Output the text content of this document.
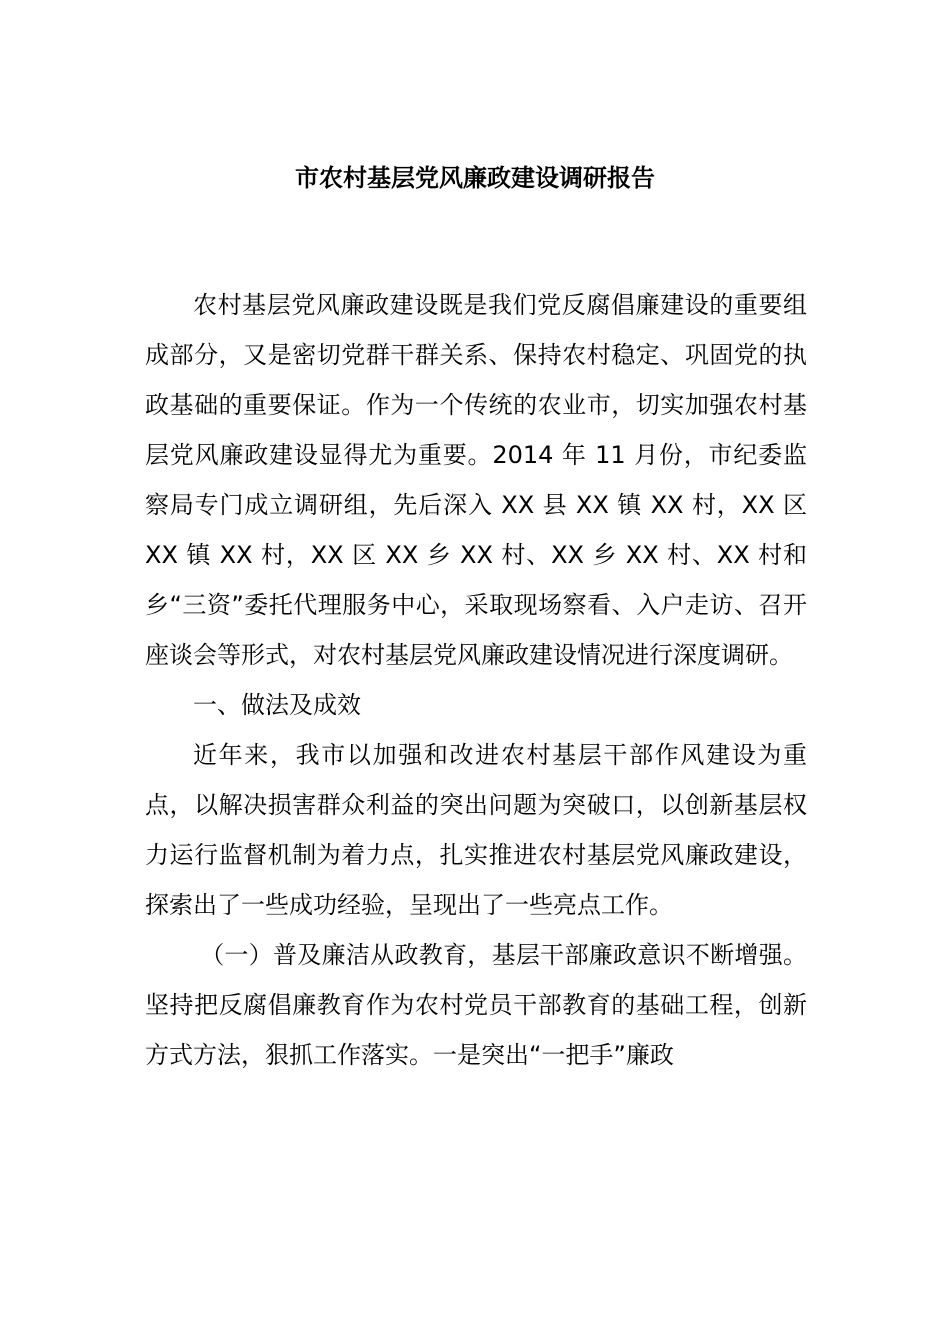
市农村基层党风廉政建设调研报告

农村基层党风廉政建设既是我们党反腐倡廉建设的重要组成部分，又是密切党群干群关系、保持农村稳定、巩固党的执政基础的重要保证。作为一个传统的农业市，切实加强农村基层党风廉政建设显得尤为重要。2014 年 11 月份，市纪委监察局专门成立调研组，先后深入 XX 县 XX 镇 XX 村，XX 区 XX 镇 XX 村，XX 区 XX 乡 XX 村、XX 乡 XX 村、XX 村和乡“三资”委托代理服务中心，采取现场察看、入户走访、召开座谈会等形式，对农村基层党风廉政建设情况进行深度调研。

一、做法及成效

近年来，我市以加强和改进农村基层干部作风建设为重点，以解决损害群众利益的突出问题为突破口，以创新基层权力运行监督机制为着力点，扎实推进农村基层党风廉政建设，探索出了一些成功经验，呈现出了一些亮点工作。

（一）普及廉洁从政教育，基层干部廉政意识不断增强。坚持把反腐倡廉教育作为农村党员干部教育的基础工程，创新方式方法，狠抓工作落实。一是突出“一把手”廉政
